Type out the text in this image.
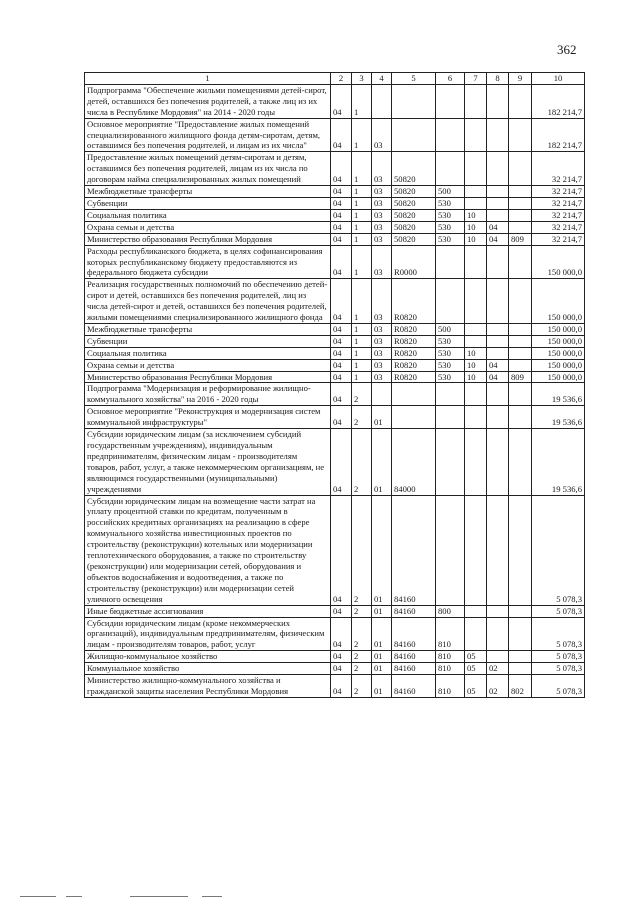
362
1	2	3	4	5	6	7	8	9	10
Подпрограмма "Обеспечение жильми помещениями детей-сирот, детей, оставшихся без попечения родителей, а также лиц из их числа в Республике Мордовия" на 2014 - 2020 годы	04	1							182 214,7
Основное мероприятие "Предоставление жилых помещений специализированного жилищного фонда детям-сиротам, детям, оставшимся без попечения родителей, и лицам из их числа"	04	1	03						182 214,7
Предоставление жилых помещений детям-сиротам и детям, оставшимся без попечения родителей, лицам из их числа по договорам найма специализированных жилых помещений	04	1	03	50820					32 214,7
Межбюджетные трансферты	04	1	03	50820	500				32 214,7
Субвенции	04	1	03	50820	530				32 214,7
Социальная политика	04	1	03	50820	530	10			32 214,7
Охрана семьи и детства	04	1	03	50820	530	10	04		32 214,7
Министерство образования Республики Мордовия	04	1	03	50820	530	10	04	809	32 214,7
Расходы республиканского бюджета, в целях софинансирования которых республиканскому бюджету предоставляются из федерального бюджета субсидии	04	1	03	R0000					150 000,0
Реализация государственных полномочий по обеспечению детей-сирот и детей, оставшихся без попечения родителей, лиц из числа детей-сирот и детей, оставшихся без попечения родителей, жилыми помещениями специализированного жилищного фонда	04	1	03	R0820					150 000,0
Межбюджетные трансферты	04	1	03	R0820	500				150 000,0
Субвенции	04	1	03	R0820	530				150 000,0
Социальная политика	04	1	03	R0820	530	10			150 000,0
Охрана семьи и детства	04	1	03	R0820	530	10	04		150 000,0
Министерство образования Республики Мордовия	04	1	03	R0820	530	10	04	809	150 000,0
Подпрограмма "Модернизация и реформирование жилищно-коммунального хозяйства" на 2016 - 2020 годы	04	2							19 536,6
Основное мероприятие "Реконструкция и модернизация систем коммунальной инфраструктуры"	04	2	01						19 536,6
Субсидии юридическим лицам (за исключением субсидий государственным учреждениям), индивидуальным предпринимателям, физическим лицам - производителям товаров, работ, услуг, а также некоммерческим организациям, не являющимся государственными (муниципальными) учреждениями	04	2	01	84000					19 536,6
Субсидии юридическим лицам на возмещение части затрат на уплату процентной ставки по кредитам, полученным в российских кредитных организациях на реализацию в сфере коммунального хозяйства инвестиционных проектов по строительству (реконструкции) котельных или модернизации теплотехнического оборудования, а также по строительству (реконструкции) или модернизации сетей, оборудования и объектов водоснабжения и водоотведения, а также по строительству (реконструкции) или модернизации сетей уличного освещения	04	2	01	84160					5 078,3
Иные бюджетные ассигнования	04	2	01	84160	800				5 078,3
Субсидии юридическим лицам (кроме некоммерческих организаций), индивидуальным предпринимателям, физическим лицам - производителям товаров, работ, услуг	04	2	01	84160	810				5 078,3
Жилищно-коммунальное хозяйство	04	2	01	84160	810	05			5 078,3
Коммунальное хозяйство	04	2	01	84160	810	05	02		5 078,3
Министерство жилищно-коммунального хозяйства и гражданской защиты населения Республики Мордовия	04	2	01	84160	810	05	02	802	5 078,3
